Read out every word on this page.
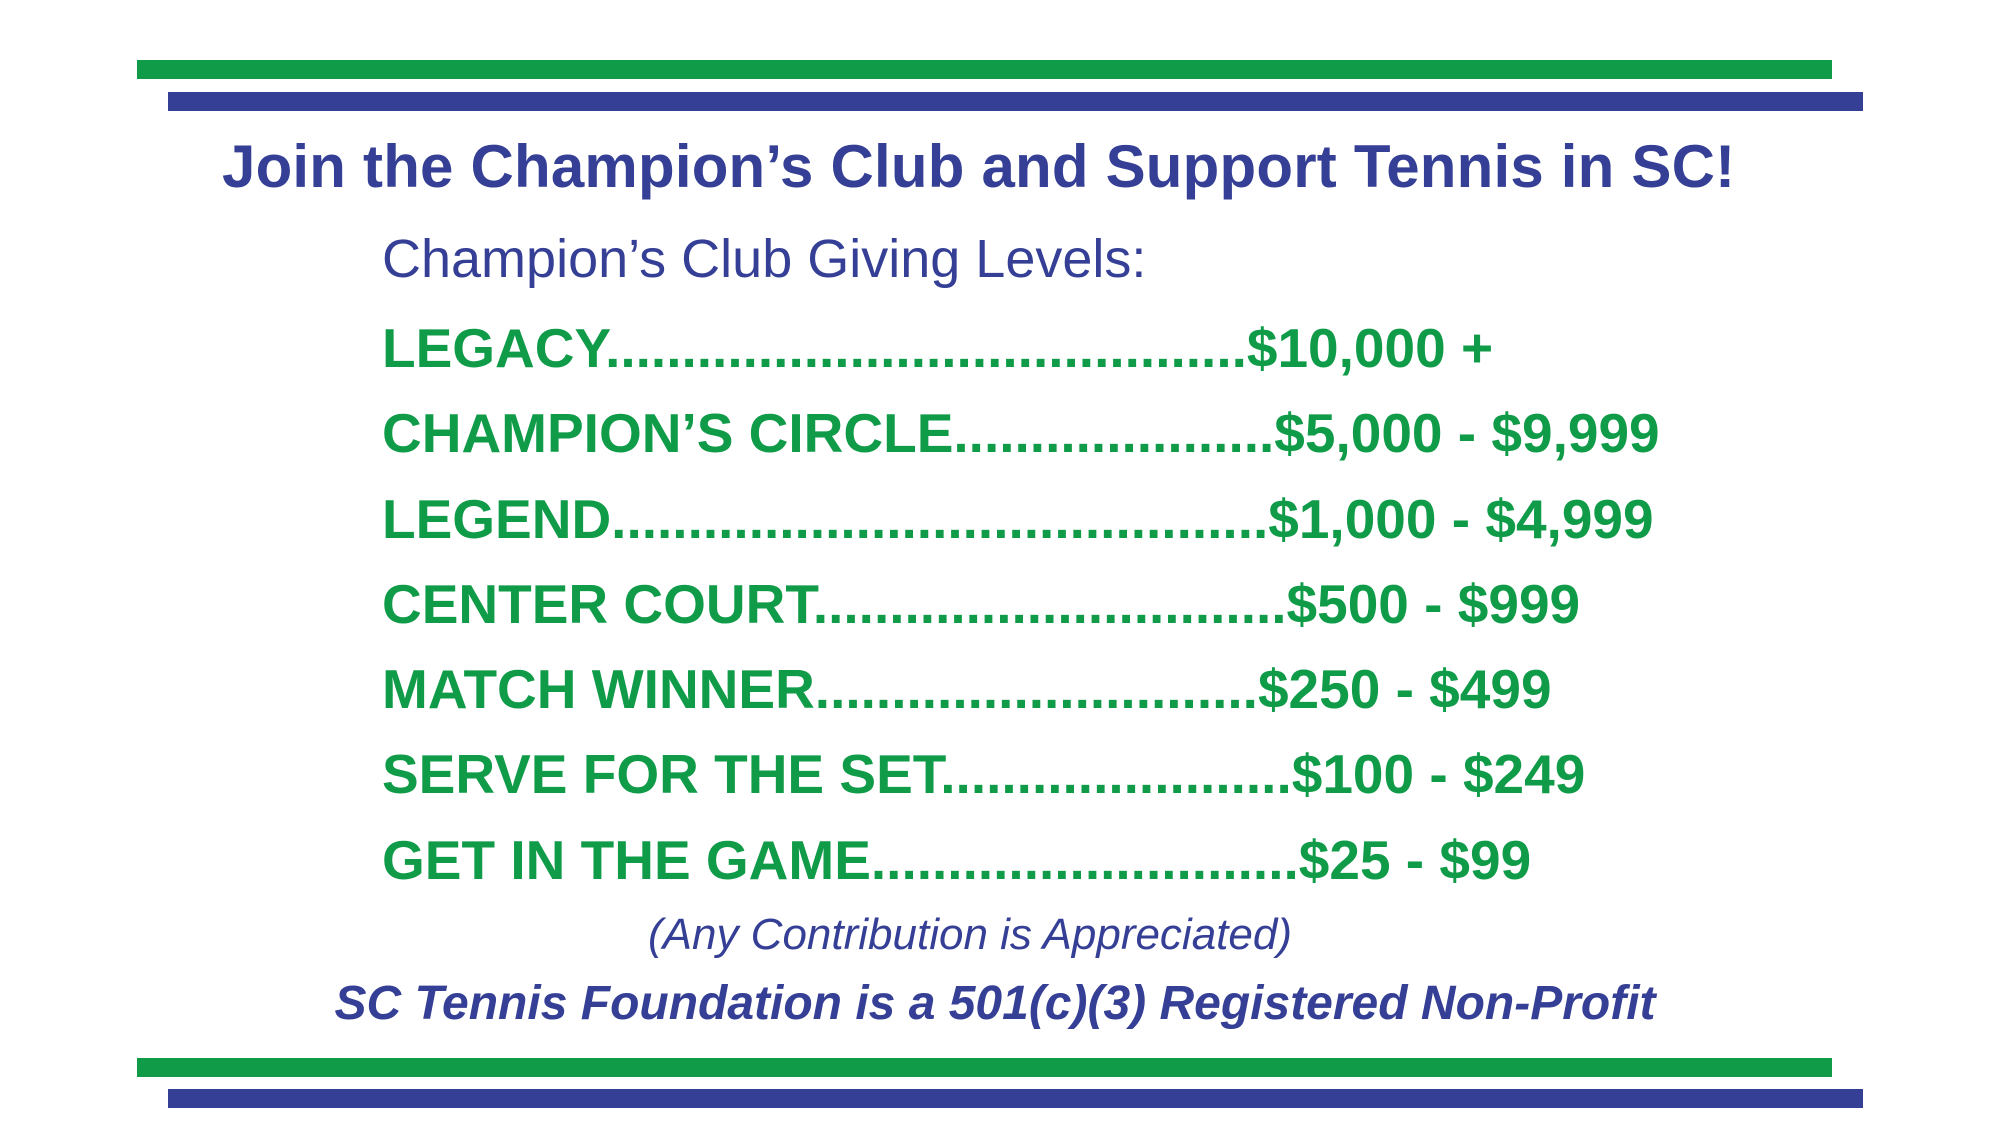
Join the Champion’s Club and Support Tennis in SC!
Champion’s Club Giving Levels:
LEGACY..........................................$10,000 +
CHAMPION’S CIRCLE.....................$5,000 - $9,999
LEGEND...........................................$1,000 - $4,999
CENTER COURT...............................$500 - $999
MATCH WINNER.............................$250 - $499
SERVE FOR THE SET.......................$100 - $249
GET IN THE GAME............................$25 - $99
(Any Contribution is Appreciated)
SC Tennis Foundation is a 501(c)(3) Registered Non-Profit
